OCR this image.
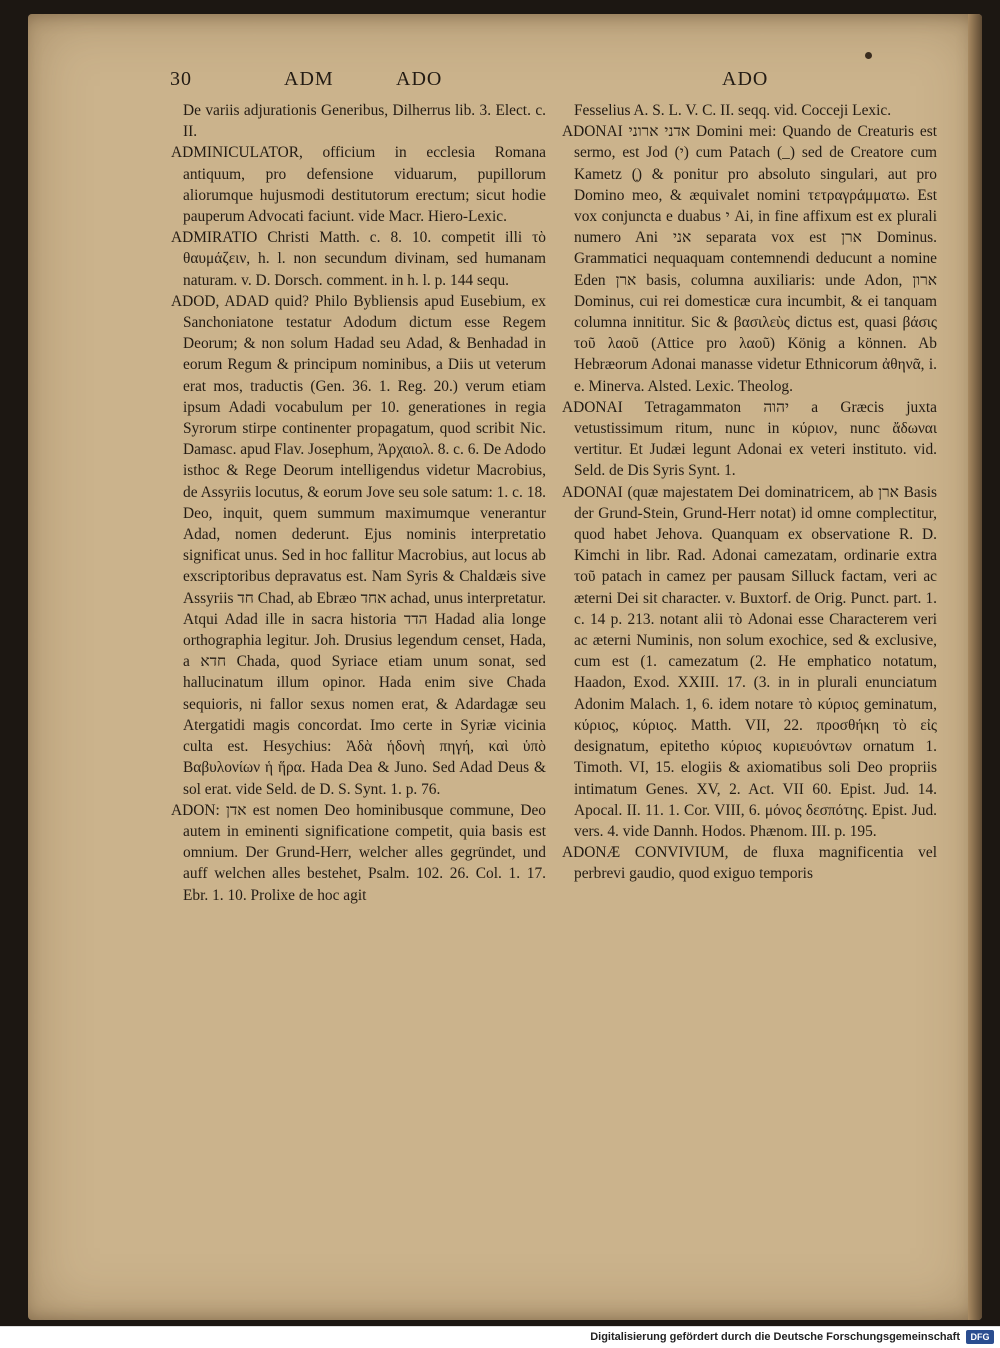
30	ADM	ADO	ADO

De variis adjurationis Generibus, Dilherrus lib. 3. Elect. c. II.

ADMINICULATOR, officium in ecclesia Romana antiquum, pro defensione viduarum, pupillorum aliorumque hujusmodi destitutorum erectum; sicut hodie pauperum Advocati faciunt. vide Macr. Hiero-Lexic.

ADMIRATIO Christi Matth. c. 8. 10. competit illi τὸ θαυμάζειν, h. l. non secundum divinam, sed humanam naturam. v. D. Dorsch. comment. in h. l. p. 144 sequ.

ADOD, ADAD quid? Philo Bybliensis apud Eusebium, ex Sanchoniatone testatur Adodum dictum esse Regem Deorum; & non solum Hadad seu Adad, & Benhadad in eorum Regum & principum nominibus, a Diis ut veterum erat mos, traductis (Gen. 36. 1. Reg. 20.) verum etiam ipsum Adadi vocabulum per 10. generationes in regia Syrorum stirpe continenter propagatum, quod scribit Nic. Damasc. apud Flav. Josephum, Ἀρχαιολ. 8. c. 6. De Adodo isthoc & Rege Deorum intelligendus videtur Macrobius, de Assyriis locutus, & eorum Jove seu sole satum: 1. c. 18. Deo, inquit, quem summum maximumque venerantur Adad, nomen dederunt. Ejus nominis interpretatio significat unus. Sed in hoc fallitur Macrobius, aut locus ab exscriptoribus depravatus est. Nam Syris & Chaldæis sive Assyriis חד Chad, ab Ebræo אחד achad, unus interpretatur. Atqui Adad ille in sacra historia הדד Hadad alia longe orthographia legitur. Joh. Drusius legendum censet, Hada, a חדא Chada, quod Syriace etiam unum sonat, sed hallucinatum illum opinor. Hada enim sive Chada sequioris, ni fallor sexus nomen erat, & Adardagæ seu Atergatidi magis concordat. Imo certe in Syriæ vicinia culta est. Hesychius: Ἀδὰ ἡδονὴ πηγή, καὶ ὑπὸ Βαβυλονίων ἡ ἥρα. Hada Dea & Juno. Sed Adad Deus & sol erat. vide Seld. de D. S. Synt. 1. p. 76.

ADON: אדן est nomen Deo hominibusque commune, Deo autem in eminenti significatione competit, quia basis est omnium. Der Grund-Herr, welcher alles gegründet, und auff welchen alles bestehet, Psalm. 102. 26. Col. 1. 17. Ebr. 1. 10. Prolixe de hoc agit

Fesselius A. S. L. V. C. II. seqq. vid. Cocceji Lexic.

ADONAI אדני ארוני Domini mei: Quando de Creaturis est sermo, est Jod (י) cum Patach (_) sed de Creatore cum Kametz (ָ) & ponitur pro absoluto singulari, aut pro Domino meo, & æquivalet nomini τετραγράμματω. Est vox conjuncta e duabus י Ai, in fine affixum est ex plurali numero Ani אני separata vox est ארן Dominus. Grammatici nequaquam contemnendi deducunt a nomine Eden ארן basis, columna auxiliaris: unde Adon, ארון Dominus, cui rei domesticæ cura incumbit, & ei tanquam columna innititur. Sic & βασιλεὺς dictus est, quasi βάσις τοῦ λαοῦ (Attice pro λαοῦ) König a können. Ab Hebræorum Adonai manasse videtur Ethnicorum ἀθηνᾶ, i. e. Minerva. Alsted. Lexic. Theolog.

ADONAI Tetragammaton יהוה a Græcis juxta vetustissimum ritum, nunc in κύριον, nunc ἄδωναι vertitur. Et Judæi legunt Adonai ex veteri instituto. vid. Seld. de Dis Syris Synt. 1.

ADONAI (quæ majestatem Dei dominatricem, ab ארן Basis der Grund-Stein, Grund-Herr notat) id omne complectitur, quod habet Jehova. Quanquam ex observatione R. D. Kimchi in libr. Rad. Adonai camezatam, ordinarie extra τοῦ patach in camez per pausam Silluck factam, veri ac æterni Dei sit character. v. Buxtorf. de Orig. Punct. part. 1. c. 14 p. 213. notant alii τὸ Adonai esse Characterem veri ac æterni Numinis, non solum exochice, sed & exclusive, cum est (1. camezatum (2. He emphatico notatum, Haadon, Exod. XXIII. 17. (3. in in plurali enunciatum Adonim Malach. 1, 6. idem notare τὸ κύριος geminatum, κύριος, κύριος. Matth. VII, 22. προσθήκη τὸ εἰς designatum, epitetho κύριος κυριευόντων ornatum 1. Timoth. VI, 15. elogiis & axiomatibus soli Deo propriis intimatum Genes. XV, 2. Act. VII 60. Epist. Jud. 14. Apocal. II. 11. 1. Cor. VIII, 6. μόνος δεσπότης. Epist. Jud. vers. 4. vide Dannh. Hodos. Phænom. III. p. 195.

ADONÆ CONVIVIUM, de fluxa magnificentia vel perbrevi gaudio, quod exiguo temporis

Digitalisierung gefördert durch die Deutsche Forschungsgemeinschaft	DFG
